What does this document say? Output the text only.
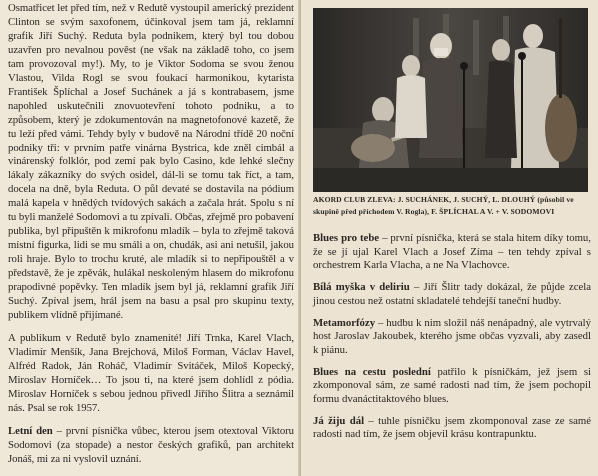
Osmatřicet let před tím, než v Redutě vystoupil americký prezident Clinton se svým saxofonem, účinkoval jsem tam já, reklamní grafik Jiří Suchý. Reduta byla podnikem, který byl tou dobou uzavřen pro nevalnou pověst (ne však na základě toho, co jsem tam provozoval my!). My, to je Viktor Sodoma se svou ženou Vlastou, Vilda Rogl se svou foukací harmonikou, kytarista František Šplíchal a Josef Suchánek a já s kontrabasem, jsme napohled uskutečnili znovuotevření tohoto podniku, a to způsobem, který je zdokumentován na magnetofonové kazetě, že tu leží před vámi. Tehdy byly v budově na Národní třídě 20 noční podniky tři: v prvním patře vinárna Bystrica, kde zněl cimbál a vinárenský folklór, pod zemí pak bylo Casino, kde lehké slečny lákaly zákazníky do svých osidel, dál-li se tomu tak říct, a tam, docela na dně, byla Reduta. O půl devaté se dostavila na pódium malá kapela v hnědých tvídových sakách a začala hrát. Spolu s ní tu byli manželé Sodomovi a tu zpívali. Občas, zřejmě pro pobavení publika, byl připuštěn k mikrofonu mladík – byla to zřejmě taková místní figurka, lidi se mu smáli a on, chudák, asi ani netušil, jakou roli hraje. Bylo to trochu kruté, ale mladík si to nepřipouštěl a v představě, že je zpěvák, hulákal neskoleným hlasem do mikrofonu prapodivné popěvky. Ten mladík jsem byl já, reklamní grafik Jiří Suchý. Zpíval jsem, hrál jsem na basu a psal pro skupinu texty, publikem vlídně přijímané.

A publikum v Redutě bylo znamenité! Jiří Trnka, Karel Vlach, Vladimír Menšík, Jana Brejchová, Miloš Forman, Václav Havel, Alfréd Radok, Ján Roháč, Vladimír Svitáček, Miloš Kopecký, Miroslav Horníček… To jsou ti, na které jsem dohlídl z pódia. Miroslav Horníček s sebou jednou přivedl Jiřího Šlitra a seznámil nás. Psal se rok 1957.

Letní den – první písnička vůbec, kterou jsem otextoval Viktoru Sodomovi (za stopade) a nestor českých grafiků, pan architekt Jonáš, mi za ni vyslovil uznání.

AKORD CLUB ZLEVA: J. SUCHÁNEK, J. SUCHÝ, L. DLOUHÝ (působil ve skupině před příchodem V. Rogla), F. ŠPLÍCHAL A V. + V. SODOMOVI

Blues pro tebe – první písnička, která se stala hitem díky tomu, že se jí ujal Karel Vlach a Josef Zíma – ten tehdy zpíval s orchestrem Karla Vlacha, a ne Na Vlachovce.

Bílá myška v deliriu – Jiří Šlitr tady dokázal, že půjde zcela jinou cestou než ostatní skladatelé tehdejší taneční hudby.

Metamorfózy – hudbu k nim složil náš nenápadný, ale vytrvalý host Jaroslav Jakoubek, kterého jsme občas vyzvali, aby zasedl k piánu.

Blues na cestu poslední patřilo k písničkám, jež jsem si zkomponoval sám, ze samé radosti nad tím, že jsem pochopil formu dvanáctitaktového blues.

Já žiju dál – tuhle písničku jsem zkomponoval zase ze samé radosti nad tím, že jsem objevil krásu kontrapunktu.
